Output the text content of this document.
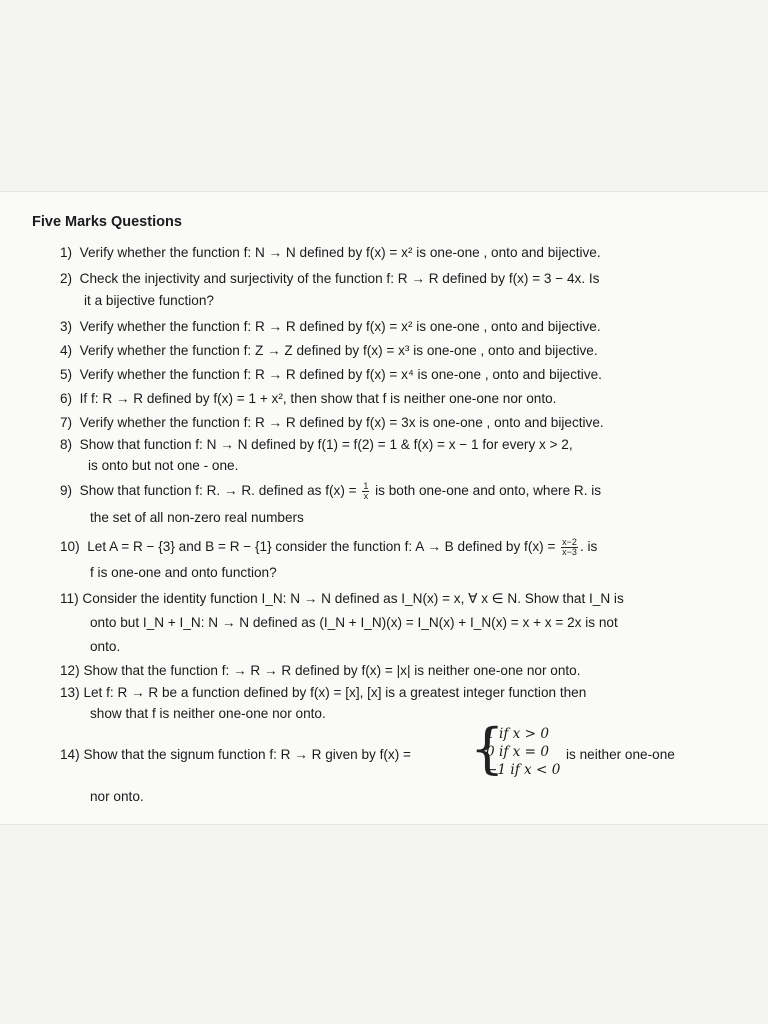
Five Marks Questions
1) Verify whether the function f: N → N defined by f(x) = x² is one-one , onto and bijective.
2) Check the injectivity and surjectivity of the function f: R → R defined by f(x) = 3 − 4x. Is
it a bijective function?
3) Verify whether the function f: R → R defined by f(x) = x² is one-one , onto and bijective.
4) Verify whether the function f: Z → Z defined by f(x) = x³ is one-one , onto and bijective.
5) Verify whether the function f: R → R defined by f(x) = x⁴ is one-one , onto and bijective.
6) If f: R → R defined by f(x) = 1 + x², then show that f is neither one-one nor onto.
7) Verify whether the function f: R → R defined by f(x) = 3x is one-one , onto and bijective.
8) Show that function f: N → N defined by f(1) = f(2) = 1 & f(x) = x − 1 for every x > 2,
is onto but not one - one.
9) Show that function f: R. → R. defined as $f(x) = \frac{1}{x}$ is both one-one and onto, where R. is
the set of all non-zero real numbers
10) Let A = R − {3} and B = R − {1} consider the function f: A → B defined by $f(x) = \frac{x-2}{x-3}$ . is
f is one-one and onto function?
11) Consider the identity function I_N: N → N defined as I_N(x) = x, ∀ x ∈ N. Show that I_N is
onto but I_N + I_N: N → N defined as (I_N + I_N)(x) = I_N(x) + I_N(x) = x + x = 2x is not
onto.
12) Show that the function f: → R → R defined by f(x) = |x| is neither one-one nor onto.
13) Let f: R → R be a function defined by f(x) = [x], [x] is a greatest integer function then
show that f is neither one-one nor onto.
14) Show that the signum function f: R → R given by f(x) = {
1 if x > 0
0 if x = 0
−1 if x < 0
is neither one-one
nor onto.
